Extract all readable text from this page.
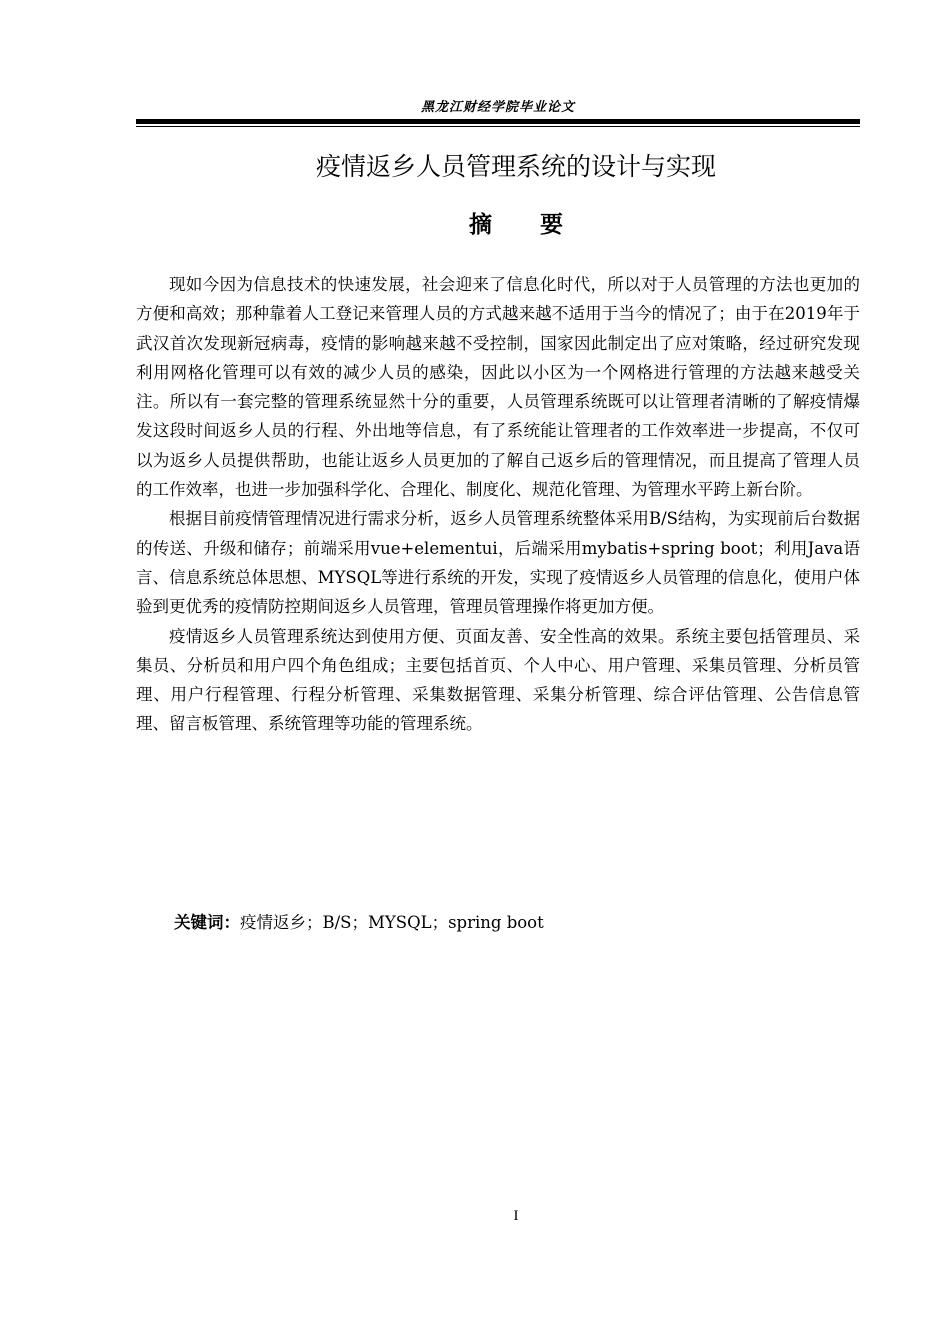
黑龙江财经学院毕业论文
疫情返乡人员管理系统的设计与实现
摘 要

现如今因为信息技术的快速发展，社会迎来了信息化时代，所以对于人员管理的方法也更加的方便和高效；那种靠着人工登记来管理人员的方式越来越不适用于当今的情况了；由于在2019年于武汉首次发现新冠病毒，疫情的影响越来越不受控制，国家因此制定出了应对策略，经过研究发现利用网格化管理可以有效的减少人员的感染，因此以小区为一个网格进行管理的方法越来越受关注。所以有一套完整的管理系统显然十分的重要，人员管理系统既可以让管理者清晰的了解疫情爆发这段时间返乡人员的行程、外出地等信息，有了系统能让管理者的工作效率进一步提高，不仅可以为返乡人员提供帮助，也能让返乡人员更加的了解自己返乡后的管理情况，而且提高了管理人员的工作效率，也进一步加强科学化、合理化、制度化、规范化管理、为管理水平跨上新台阶。

根据目前疫情管理情况进行需求分析，返乡人员管理系统整体采用B/S结构，为实现前后台数据的传送、升级和储存；前端采用vue+elementui，后端采用mybatis+spring boot；利用Java语言、信息系统总体思想、MYSQL等进行系统的开发，实现了疫情返乡人员管理的信息化，使用户体验到更优秀的疫情防控期间返乡人员管理，管理员管理操作将更加方便。

疫情返乡人员管理系统达到使用方便、页面友善、安全性高的效果。系统主要包括管理员、采集员、分析员和用户四个角色组成；主要包括首页、个人中心、用户管理、采集员管理、分析员管理、用户行程管理、行程分析管理、采集数据管理、采集分析管理、综合评估管理、公告信息管理、留言板管理、系统管理等功能的管理系统。

关键词：疫情返乡；B/S；MYSQL；spring boot
I
